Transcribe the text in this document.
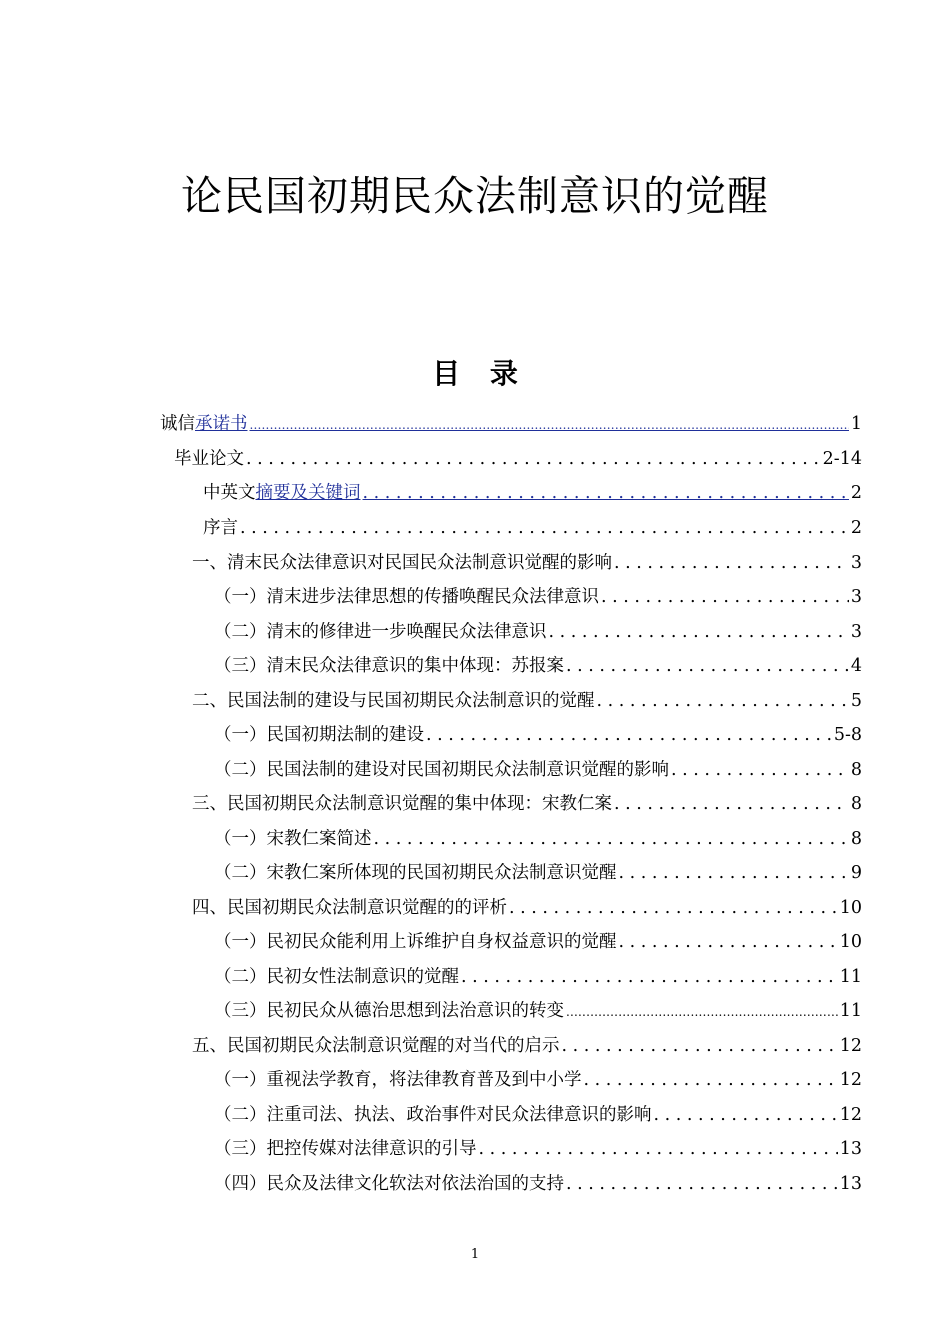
论民国初期民众法制意识的觉醒
目 录
诚信 承诺书 .....	1
毕业论文 . . .	2-14
中英文 摘要及关键词 . . .	2
序言 . . .	2
一、清末民众法律意识对民国民众法制意识觉醒的影响 . . .	3
（一）清末进步法律思想的传播唤醒民众法律意识 . . .	3
（二）清末的修律进一步唤醒民众法律意识 . . .	3
（三）清末民众法律意识的集中体现：苏报案 . . .	4
二、民国法制的建设与民国初期民众法制意识的觉醒 . . .	5
（一）民国初期法制的建设 . . .	5-8
（二）民国法制的建设对民国初期民众法制意识觉醒的影响 . . .	8
三、民国初期民众法制意识觉醒的集中体现：宋教仁案 . . .	8
（一）宋教仁案简述 . . .	8
（二）宋教仁案所体现的民国初期民众法制意识觉醒 . . .	9
四、民国初期民众法制意识觉醒的的评析 . . .	10
（一）民初民众能利用上诉维护自身权益意识的觉醒 . . .	10
（二）民初女性法制意识的觉醒 . . .	11
（三）民初民众从德治思想到法治意识的转变 .....	11
五、民国初期民众法制意识觉醒的对当代的启示 . . .	12
（一）重视法学教育，将法律教育普及到中小学 . . .	12
（二）注重司法、执法、政治事件对民众法律意识的影响 . . .	12
（三）把控传媒对法律意识的引导 . . .	13
（四）民众及法律文化软法对依法治国的支持 . . .	13
1
